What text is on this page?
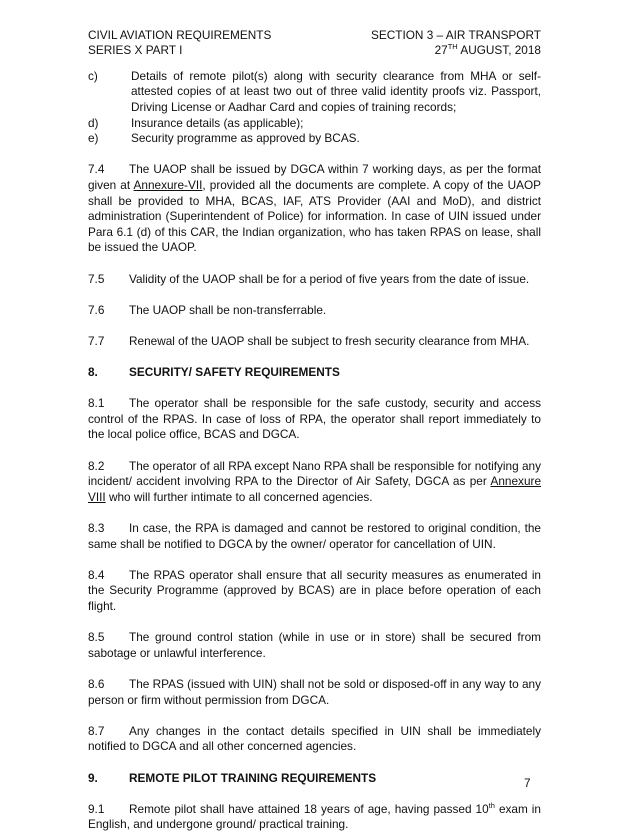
CIVIL AVIATION REQUIREMENTS
SERIES X PART I
SECTION 3 – AIR TRANSPORT
27TH AUGUST, 2018
c)	Details of remote pilot(s) along with security clearance from MHA or self-attested copies of at least two out of three valid identity proofs viz. Passport, Driving License or Aadhar Card and copies of training records;
d)	Insurance details (as applicable);
e)	Security programme as approved by BCAS.

7.4 The UAOP shall be issued by DGCA within 7 working days, as per the format given at Annexure-VII, provided all the documents are complete. A copy of the UAOP shall be provided to MHA, BCAS, IAF, ATS Provider (AAI and MoD), and district administration (Superintendent of Police) for information. In case of UIN issued under Para 6.1 (d) of this CAR, the Indian organization, who has taken RPAS on lease, shall be issued the UAOP.

7.5 Validity of the UAOP shall be for a period of five years from the date of issue.

7.6 The UAOP shall be non-transferrable.

7.7 Renewal of the UAOP shall be subject to fresh security clearance from MHA.

8.	SECURITY/ SAFETY REQUIREMENTS

8.1 The operator shall be responsible for the safe custody, security and access control of the RPAS. In case of loss of RPA, the operator shall report immediately to the local police office, BCAS and DGCA.

8.2 The operator of all RPA except Nano RPA shall be responsible for notifying any incident/ accident involving RPA to the Director of Air Safety, DGCA as per Annexure VIII who will further intimate to all concerned agencies.

8.3 In case, the RPA is damaged and cannot be restored to original condition, the same shall be notified to DGCA by the owner/ operator for cancellation of UIN.

8.4 The RPAS operator shall ensure that all security measures as enumerated in the Security Programme (approved by BCAS) are in place before operation of each flight.

8.5 The ground control station (while in use or in store) shall be secured from sabotage or unlawful interference.

8.6 The RPAS (issued with UIN) shall not be sold or disposed-off in any way to any person or firm without permission from DGCA.

8.7 Any changes in the contact details specified in UIN shall be immediately notified to DGCA and all other concerned agencies.

9.	REMOTE PILOT TRAINING REQUIREMENTS

9.1 Remote pilot shall have attained 18 years of age, having passed 10th exam in English, and undergone ground/ practical training.

7
